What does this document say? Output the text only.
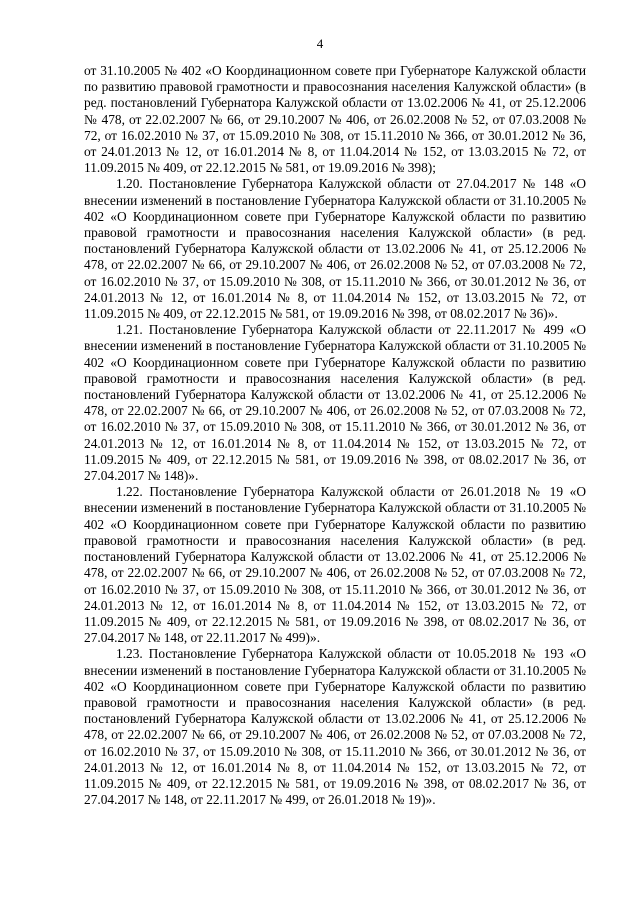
4

от 31.10.2005 № 402 «О Координационном совете при Губернаторе Калужской области по развитию правовой грамотности и правосознания населения Калужской области» (в ред. постановлений Губернатора Калужской области от 13.02.2006 № 41, от 25.12.2006 № 478, от 22.02.2007 № 66, от 29.10.2007 № 406, от 26.02.2008 № 52, от 07.03.2008 № 72, от 16.02.2010 № 37, от 15.09.2010 № 308, от 15.11.2010 № 366, от 30.01.2012 № 36, от 24.01.2013 № 12, от 16.01.2014 № 8, от 11.04.2014 № 152, от 13.03.2015 № 72, от 11.09.2015 № 409, от 22.12.2015 № 581, от 19.09.2016 № 398);

1.20. Постановление Губернатора Калужской области от 27.04.2017 № 148 «О внесении изменений в постановление Губернатора Калужской области от 31.10.2005 № 402 «О Координационном совете при Губернаторе Калужской области по развитию правовой грамотности и правосознания населения Калужской области» (в ред. постановлений Губернатора Калужской области от 13.02.2006 № 41, от 25.12.2006 № 478, от 22.02.2007 № 66, от 29.10.2007 № 406, от 26.02.2008 № 52, от 07.03.2008 № 72, от 16.02.2010 № 37, от 15.09.2010 № 308, от 15.11.2010 № 366, от 30.01.2012 № 36, от 24.01.2013 № 12, от 16.01.2014 № 8, от 11.04.2014 № 152, от 13.03.2015 № 72, от 11.09.2015 № 409, от 22.12.2015 № 581, от 19.09.2016 № 398, от 08.02.2017 № 36)».

1.21. Постановление Губернатора Калужской области от 22.11.2017 № 499 «О внесении изменений в постановление Губернатора Калужской области от 31.10.2005 № 402 «О Координационном совете при Губернаторе Калужской области по развитию правовой грамотности и правосознания населения Калужской области» (в ред. постановлений Губернатора Калужской области от 13.02.2006 № 41, от 25.12.2006 № 478, от 22.02.2007 № 66, от 29.10.2007 № 406, от 26.02.2008 № 52, от 07.03.2008 № 72, от 16.02.2010 № 37, от 15.09.2010 № 308, от 15.11.2010 № 366, от 30.01.2012 № 36, от 24.01.2013 № 12, от 16.01.2014 № 8, от 11.04.2014 № 152, от 13.03.2015 № 72, от 11.09.2015 № 409, от 22.12.2015 № 581, от 19.09.2016 № 398, от 08.02.2017 № 36, от 27.04.2017 № 148)».

1.22. Постановление Губернатора Калужской области от 26.01.2018 № 19 «О внесении изменений в постановление Губернатора Калужской области от 31.10.2005 № 402 «О Координационном совете при Губернаторе Калужской области по развитию правовой грамотности и правосознания населения Калужской области» (в ред. постановлений Губернатора Калужской области от 13.02.2006 № 41, от 25.12.2006 № 478, от 22.02.2007 № 66, от 29.10.2007 № 406, от 26.02.2008 № 52, от 07.03.2008 № 72, от 16.02.2010 № 37, от 15.09.2010 № 308, от 15.11.2010 № 366, от 30.01.2012 № 36, от 24.01.2013 № 12, от 16.01.2014 № 8, от 11.04.2014 № 152, от 13.03.2015 № 72, от 11.09.2015 № 409, от 22.12.2015 № 581, от 19.09.2016 № 398, от 08.02.2017 № 36, от 27.04.2017 № 148, от 22.11.2017 № 499)».

1.23. Постановление Губернатора Калужской области от 10.05.2018 № 193 «О внесении изменений в постановление Губернатора Калужской области от 31.10.2005 № 402 «О Координационном совете при Губернаторе Калужской области по развитию правовой грамотности и правосознания населения Калужской области» (в ред. постановлений Губернатора Калужской области от 13.02.2006 № 41, от 25.12.2006 № 478, от 22.02.2007 № 66, от 29.10.2007 № 406, от 26.02.2008 № 52, от 07.03.2008 № 72, от 16.02.2010 № 37, от 15.09.2010 № 308, от 15.11.2010 № 366, от 30.01.2012 № 36, от 24.01.2013 № 12, от 16.01.2014 № 8, от 11.04.2014 № 152, от 13.03.2015 № 72, от 11.09.2015 № 409, от 22.12.2015 № 581, от 19.09.2016 № 398, от 08.02.2017 № 36, от 27.04.2017 № 148, от 22.11.2017 № 499, от 26.01.2018 № 19)».
